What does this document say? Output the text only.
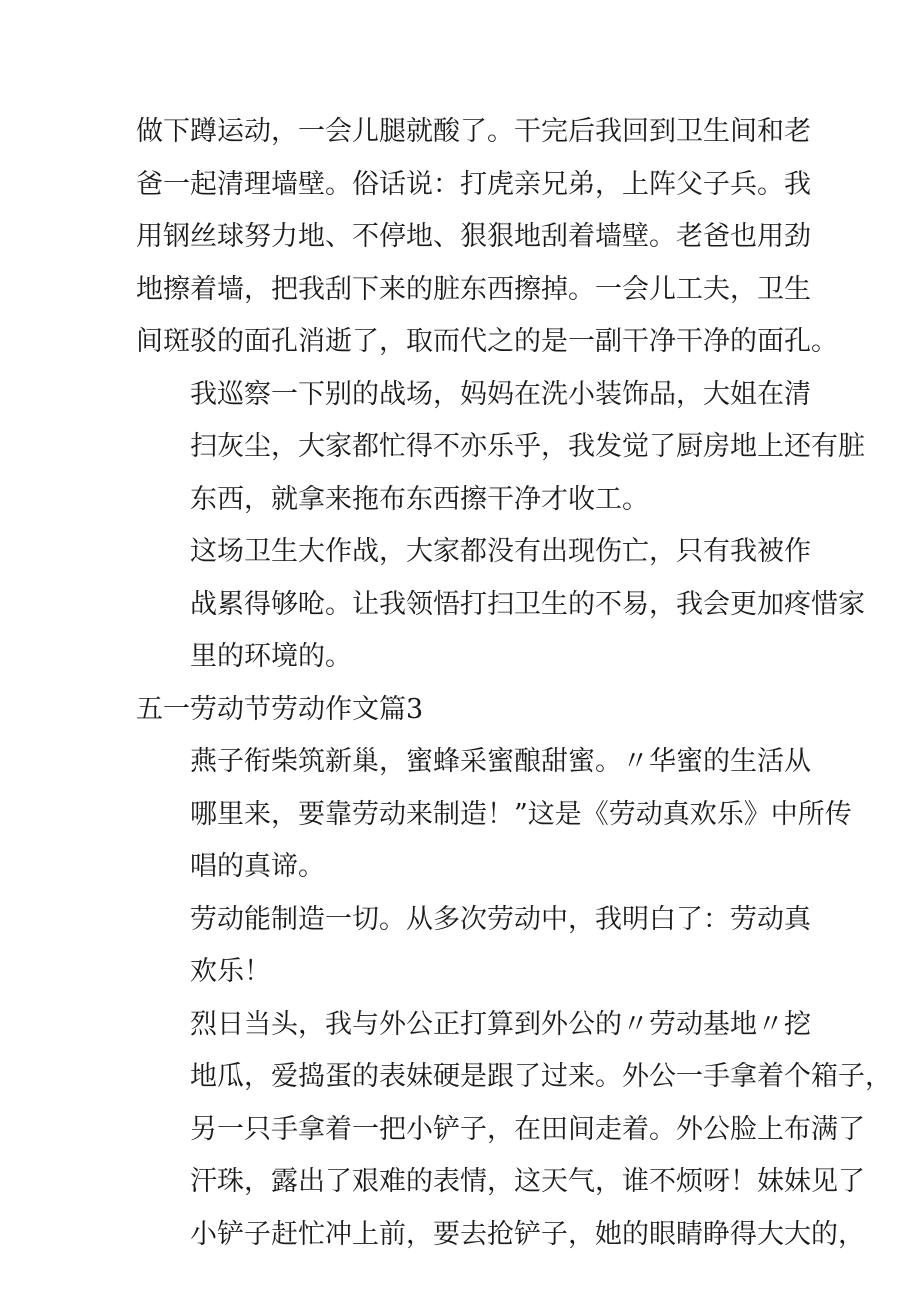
做下蹲运动，一会儿腿就酸了。干完后我回到卫生间和老
爸一起清理墙壁。俗话说：打虎亲兄弟，上阵父子兵。我
用钢丝球努力地、不停地、狠狠地刮着墙壁。老爸也用劲
地擦着墙，把我刮下来的脏东西擦掉。一会儿工夫，卫生
间斑驳的面孔消逝了，取而代之的是一副干净干净的面孔。
我巡察一下别的战场，妈妈在洗小装饰品，大姐在清
扫灰尘，大家都忙得不亦乐乎，我发觉了厨房地上还有脏
东西，就拿来拖布东西擦干净才收工。
这场卫生大作战，大家都没有出现伤亡，只有我被作
战累得够呛。让我领悟打扫卫生的不易，我会更加疼惜家
里的环境的。
五一劳动节劳动作文篇3
燕子衔柴筑新巢，蜜蜂采蜜酿甜蜜。〃华蜜的生活从
哪里来，要靠劳动来制造！”这是《劳动真欢乐》中所传
唱的真谛。
劳动能制造一切。从多次劳动中，我明白了：劳动真
欢乐！
烈日当头，我与外公正打算到外公的〃劳动基地〃挖
地瓜，爱捣蛋的表妹硬是跟了过来。外公一手拿着个箱子，
另一只手拿着一把小铲子，在田间走着。外公脸上布满了
汗珠，露出了艰难的表情，这天气，谁不烦呀！妹妹见了
小铲子赶忙冲上前，要去抢铲子，她的眼睛睁得大大的，
